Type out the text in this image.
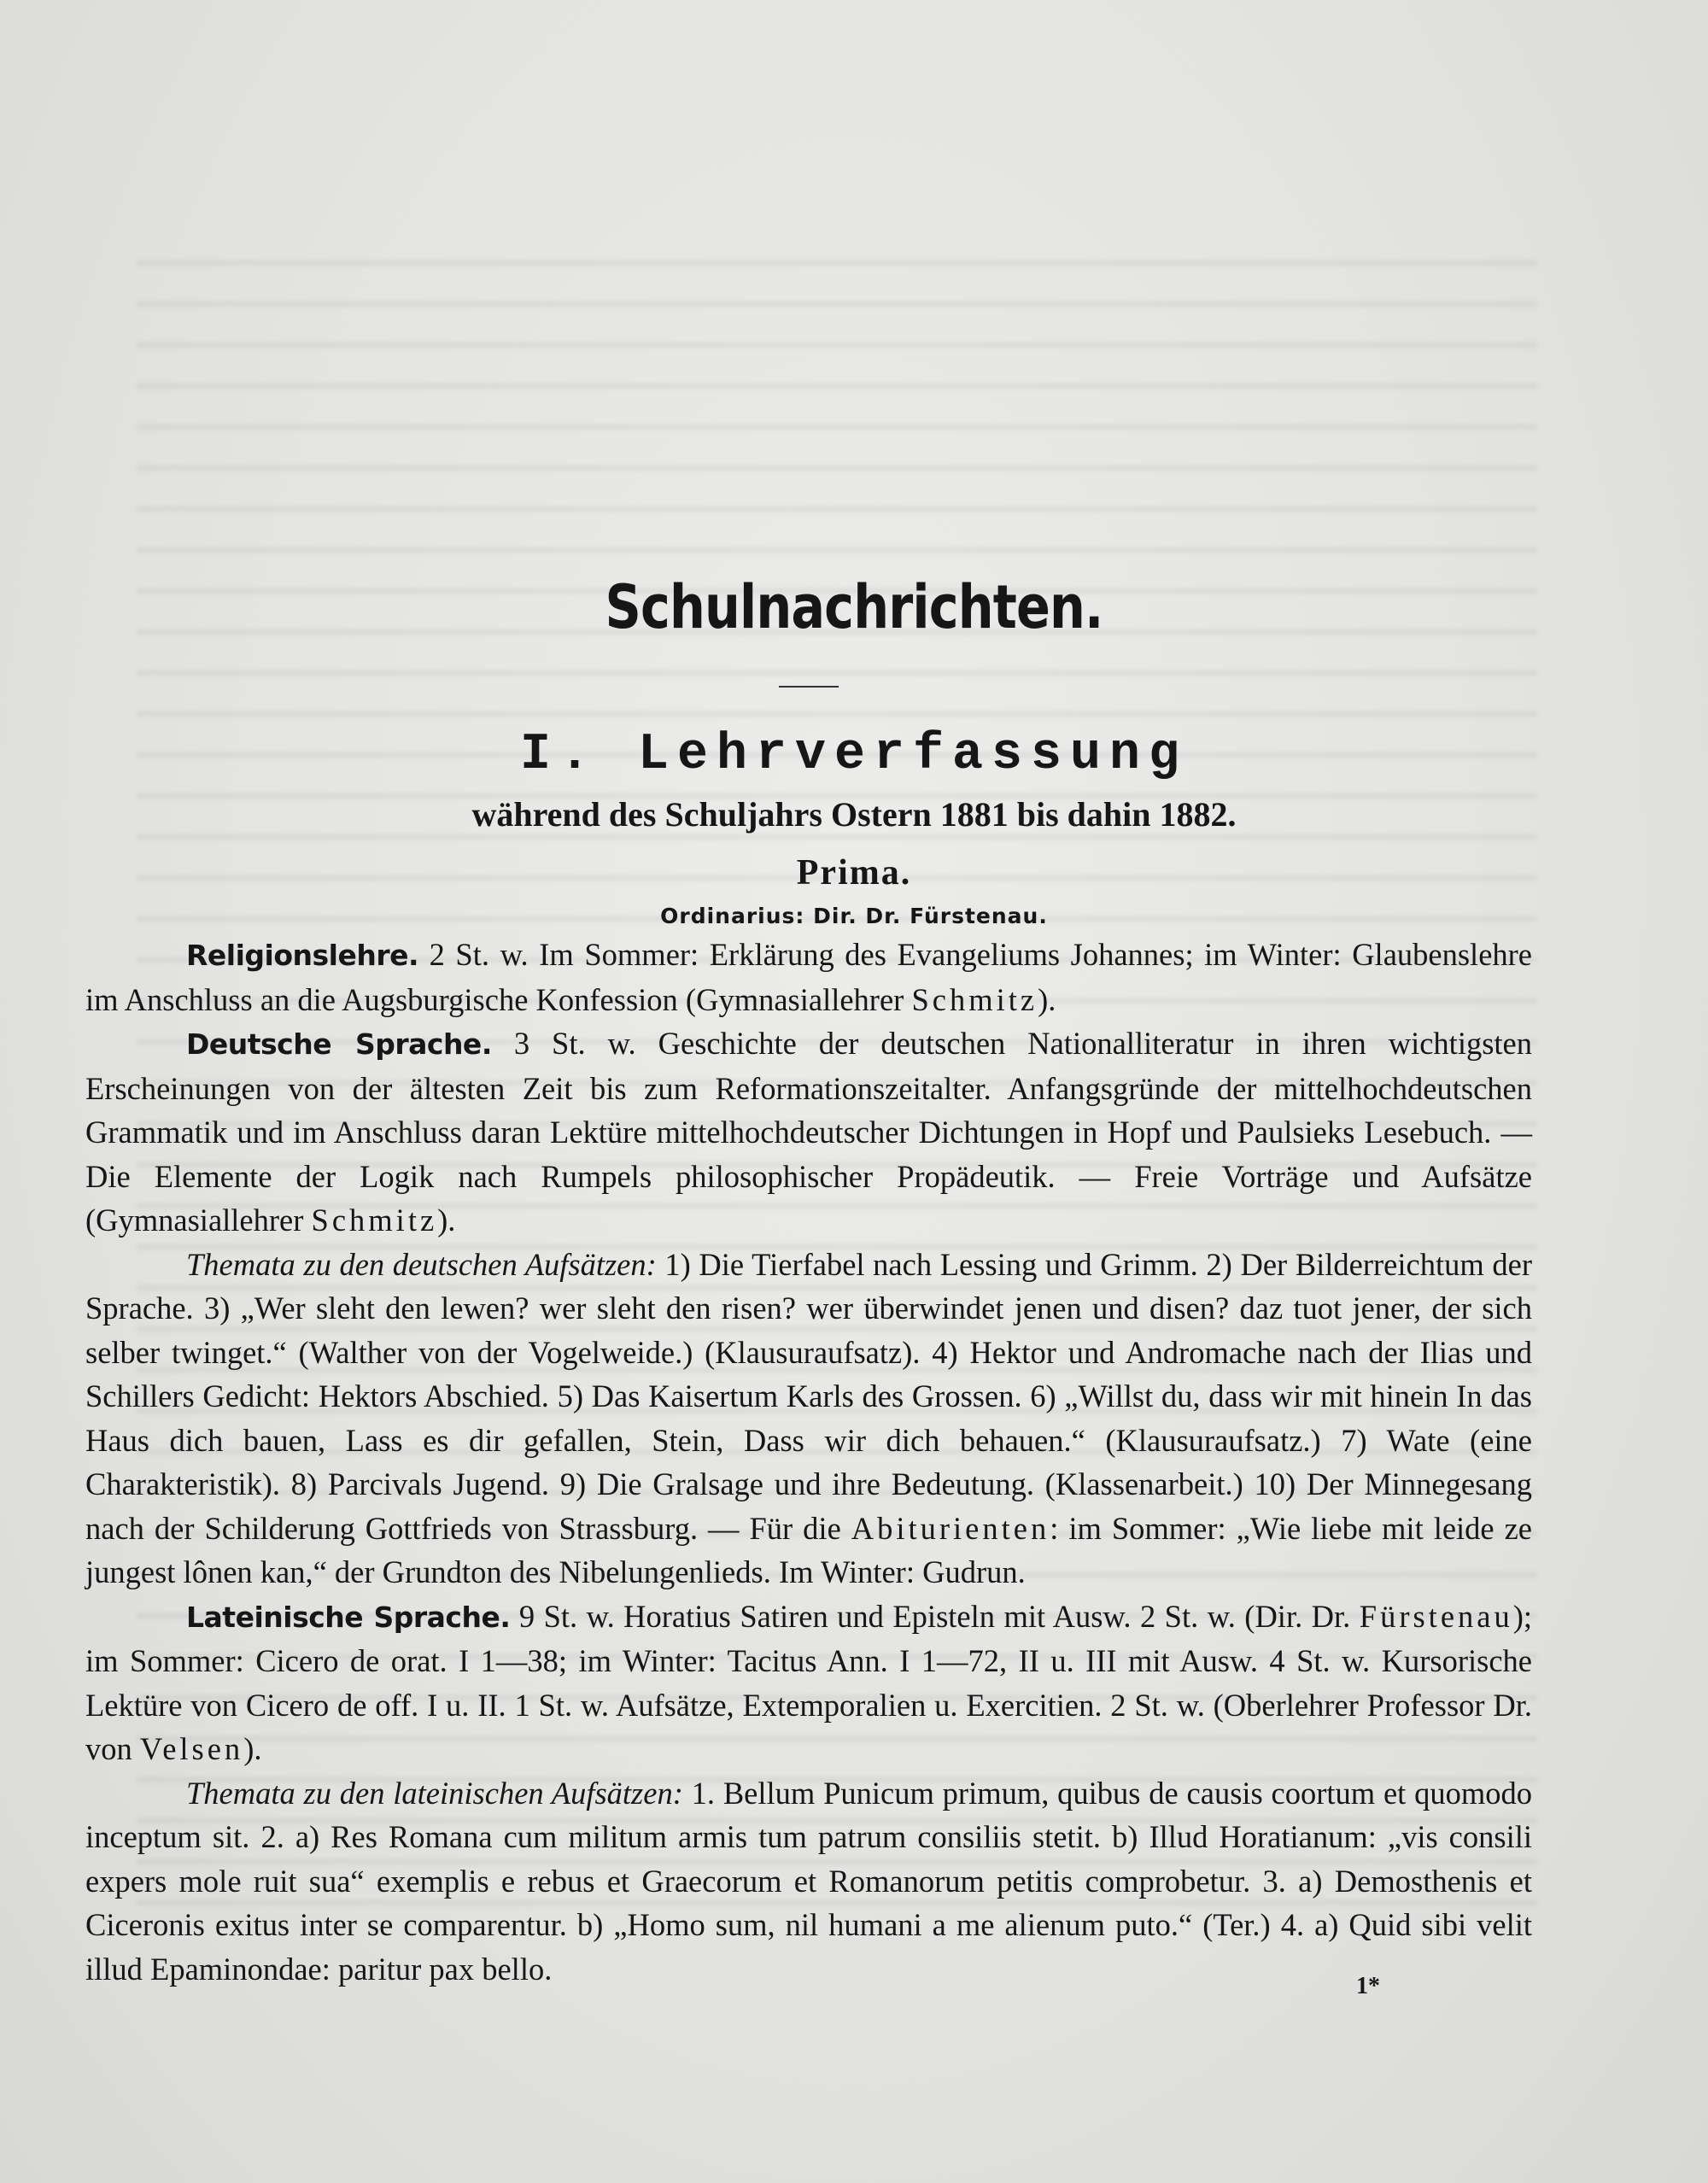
Schulnachrichten.
I. Lehrverfassung
während des Schuljahrs Ostern 1881 bis dahin 1882.
Prima.
Ordinarius: Dir. Dr. Fürstenau.

Religionslehre. 2 St. w. Im Sommer: Erklärung des Evangeliums Johannes; im Winter: Glaubenslehre im Anschluss an die Augsburgische Konfession (Gymnasiallehrer Schmitz).

Deutsche Sprache. 3 St. w. Geschichte der deutschen Nationalliteratur in ihren wichtigsten Erscheinungen von der ältesten Zeit bis zum Reformationszeitalter. Anfangsgründe der mittelhochdeutschen Grammatik und im Anschluss daran Lektüre mittelhochdeutscher Dichtungen in Hopf und Paulsieks Lesebuch. — Die Elemente der Logik nach Rumpels philosophischer Propädeutik. — Freie Vorträge und Aufsätze (Gymnasiallehrer Schmitz).

Themata zu den deutschen Aufsätzen: 1) Die Tierfabel nach Lessing und Grimm. 2) Der Bilderreichtum der Sprache. 3) „Wer sleht den lewen? wer sleht den risen? wer überwindet jenen und disen? daz tuot jener, der sich selber twinget.“ (Walther von der Vogelweide.) (Klausuraufsatz). 4) Hektor und Andromache nach der Ilias und Schillers Gedicht: Hektors Abschied. 5) Das Kaisertum Karls des Grossen. 6) „Willst du, dass wir mit hinein In das Haus dich bauen, Lass es dir gefallen, Stein, Dass wir dich behauen.“ (Klausuraufsatz.) 7) Wate (eine Charakteristik). 8) Parcivals Jugend. 9) Die Gralsage und ihre Bedeutung. (Klassenarbeit.) 10) Der Minnegesang nach der Schilderung Gottfrieds von Strassburg. — Für die Abiturienten: im Sommer: „Wie liebe mit leide ze jungest lônen kan,“ der Grundton des Nibelungenlieds. Im Winter: Gudrun.

Lateinische Sprache. 9 St. w. Horatius Satiren und Episteln mit Ausw. 2 St. w. (Dir. Dr. Fürstenau); im Sommer: Cicero de orat. I 1—38; im Winter: Tacitus Ann. I 1—72, II u. III mit Ausw. 4 St. w. Kursorische Lektüre von Cicero de off. I u. II. 1 St. w. Aufsätze, Extemporalien u. Exercitien. 2 St. w. (Oberlehrer Professor Dr. von Velsen).

Themata zu den lateinischen Aufsätzen: 1. Bellum Punicum primum, quibus de causis coortum et quomodo inceptum sit. 2. a) Res Romana cum militum armis tum patrum consiliis stetit. b) Illud Horatianum: „vis consili expers mole ruit sua“ exemplis e rebus et Graecorum et Romanorum petitis comprobetur. 3. a) Demosthenis et Ciceronis exitus inter se comparentur. b) „Homo sum, nil humani a me alienum puto.“ (Ter.) 4. a) Quid sibi velit illud Epaminondae: paritur pax bello.	1*
